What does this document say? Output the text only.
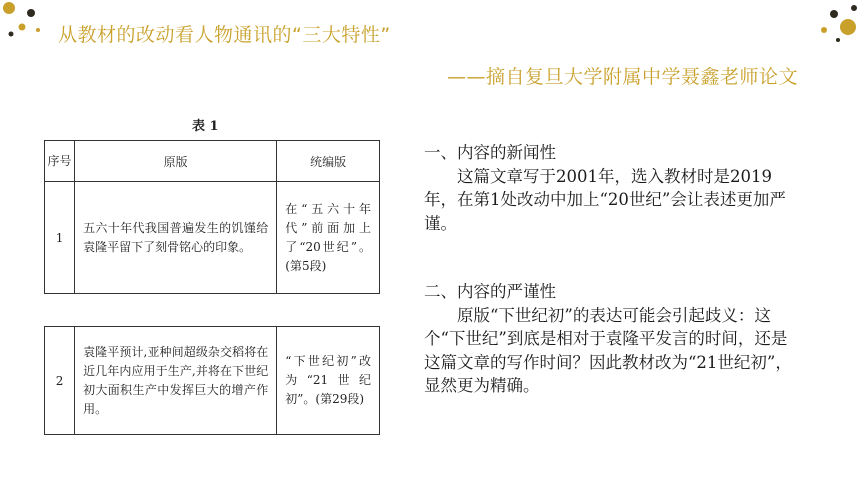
从教材的改动看人物通讯的“三大特性”
——摘自复旦大学附属中学聂鑫老师论文
表 1
序号	原版	统编版
1	五六十年代我国普遍发生的饥馑给袁隆平留下了刻骨铭心的印象。	在“五六十年代”前面加上了“20世纪”。(第5段)
2	袁隆平预计,亚种间超级杂交稻将在近几年内应用于生产,并将在下世纪初大面积生产中发挥巨大的增产作用。	“下世纪初”改为“21世纪初”。(第29段)
一、内容的新闻性
这篇文章写于2001年，选入教材时是2019年，在第1处改动中加上“20世纪”会让表述更加严谨。
二、内容的严谨性
原版“下世纪初”的表达可能会引起歧义：这个“下世纪”到底是相对于袁隆平发言的时间，还是这篇文章的写作时间？因此教材改为“21世纪初”，显然更为精确。
